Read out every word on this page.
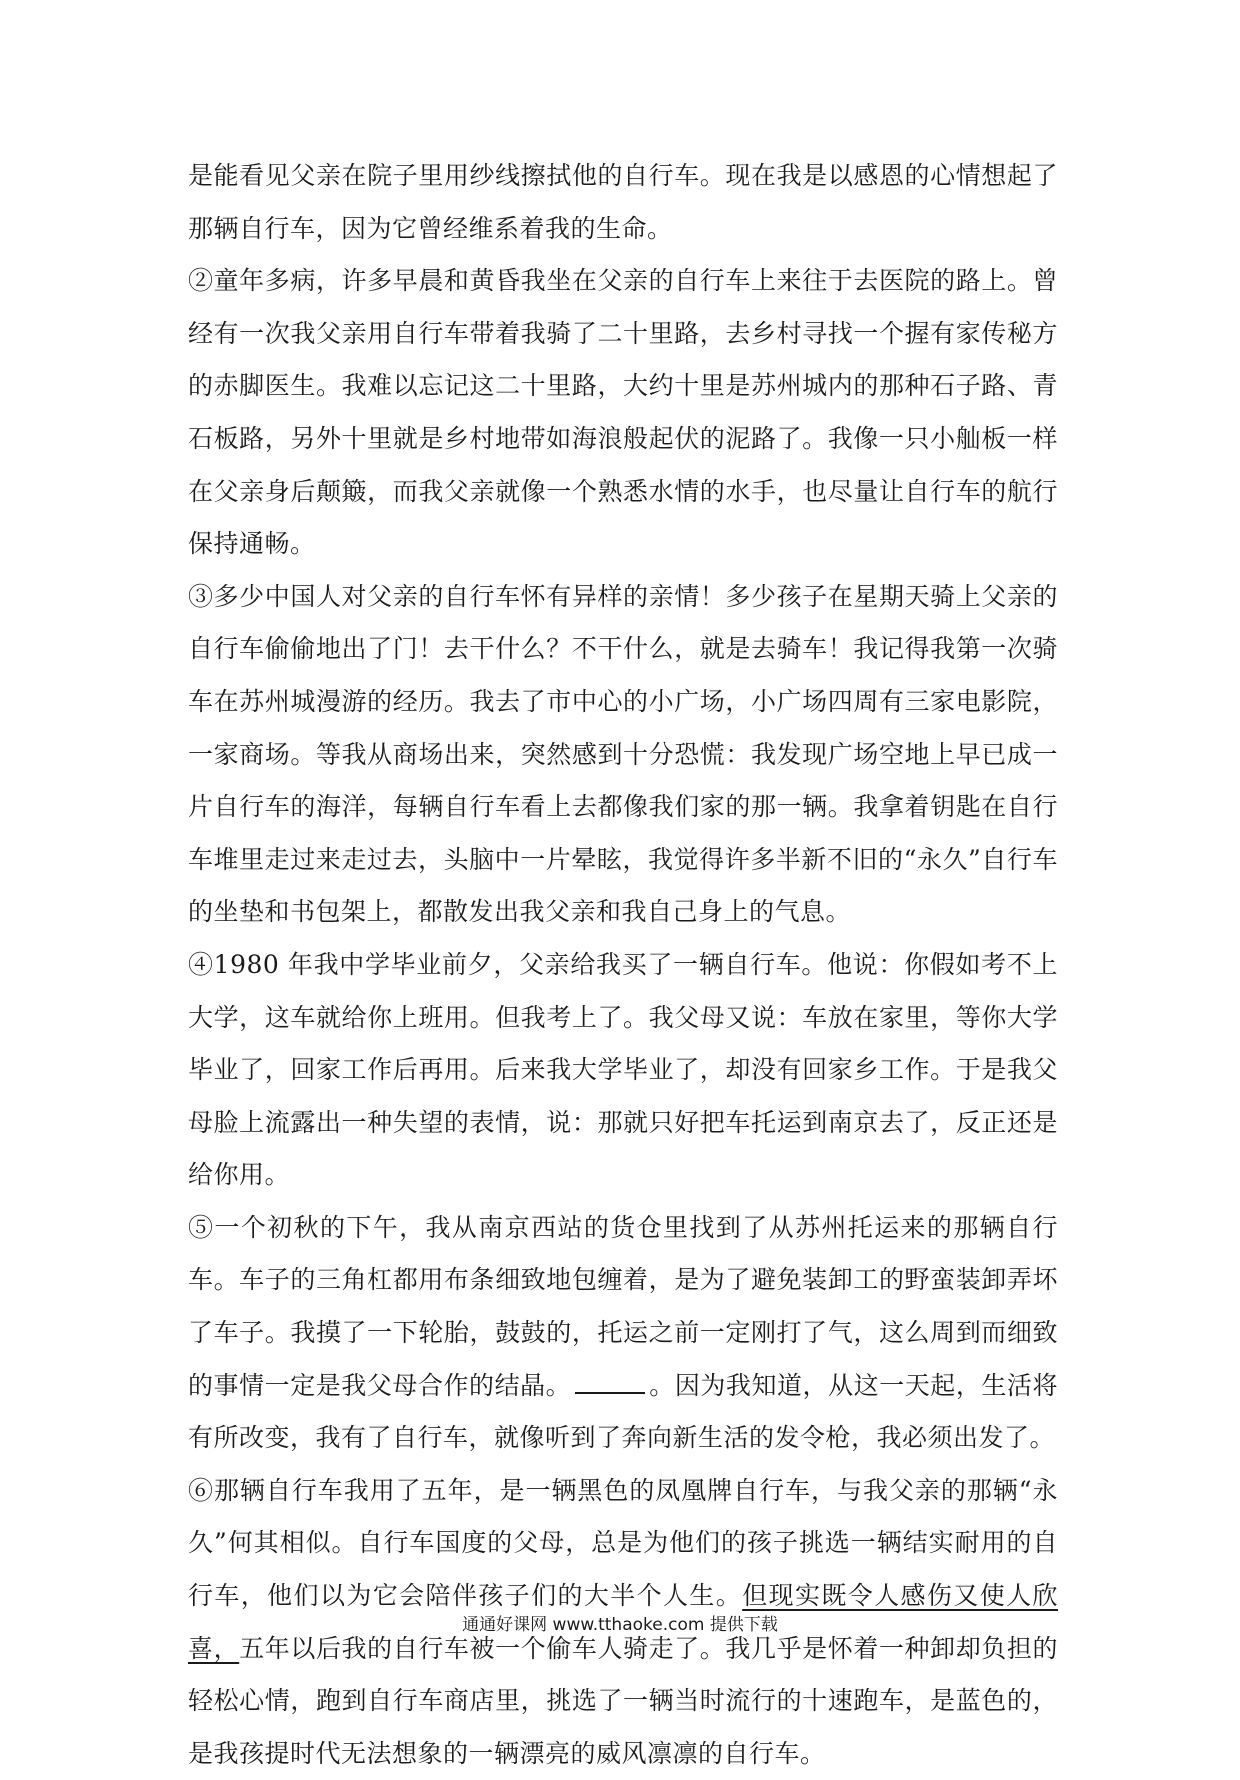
是能看见父亲在院子里用纱线擦拭他的自行车。现在我是以感恩的心情想起了那辆自行车，因为它曾经维系着我的生命。

②童年多病，许多早晨和黄昏我坐在父亲的自行车上来往于去医院的路上。曾经有一次我父亲用自行车带着我骑了二十里路，去乡村寻找一个握有家传秘方的赤脚医生。我难以忘记这二十里路，大约十里是苏州城内的那种石子路、青石板路，另外十里就是乡村地带如海浪般起伏的泥路了。我像一只小舢板一样在父亲身后颠簸，而我父亲就像一个熟悉水情的水手，也尽量让自行车的航行保持通畅。

③多少中国人对父亲的自行车怀有异样的亲情！多少孩子在星期天骑上父亲的自行车偷偷地出了门！去干什么？不干什么，就是去骑车！我记得我第一次骑车在苏州城漫游的经历。我去了市中心的小广场，小广场四周有三家电影院，一家商场。等我从商场出来，突然感到十分恐慌：我发现广场空地上早已成一片自行车的海洋，每辆自行车看上去都像我们家的那一辆。我拿着钥匙在自行车堆里走过来走过去，头脑中一片晕眩，我觉得许多半新不旧的“永久”自行车的坐垫和书包架上，都散发出我父亲和我自己身上的气息。

④1980 年我中学毕业前夕，父亲给我买了一辆自行车。他说：你假如考不上大学，这车就给你上班用。但我考上了。我父母又说：车放在家里，等你大学毕业了，回家工作后再用。后来我大学毕业了，却没有回家乡工作。于是我父母脸上流露出一种失望的表情，说：那就只好把车托运到南京去了，反正还是给你用。

⑤一个初秋的下午，我从南京西站的货仓里找到了从苏州托运来的那辆自行车。车子的三角杠都用布条细致地包缠着，是为了避免装卸工的野蛮装卸弄坏了车子。我摸了一下轮胎，鼓鼓的，托运之前一定刚打了气，这么周到而细致的事情一定是我父母合作的结晶。	。因为我知道，从这一天起，生活将有所改变，我有了自行车，就像听到了奔向新生活的发令枪，我必须出发了。

⑥那辆自行车我用了五年，是一辆黑色的凤凰牌自行车，与我父亲的那辆“永久”何其相似。自行车国度的父母，总是为他们的孩子挑选一辆结实耐用的自行车，他们以为它会陪伴孩子们的大半个人生。但现实既令人感伤又使人欣喜，五年以后我的自行车被一个偷车人骑走了。我几乎是怀着一种卸却负担的轻松心情，跑到自行车商店里，挑选了一辆当时流行的十速跑车，是蓝色的，是我孩提时代无法想象的一辆漂亮的威风凛凛的自行车。

通通好课网 www.tthaoke.com 提供下载
